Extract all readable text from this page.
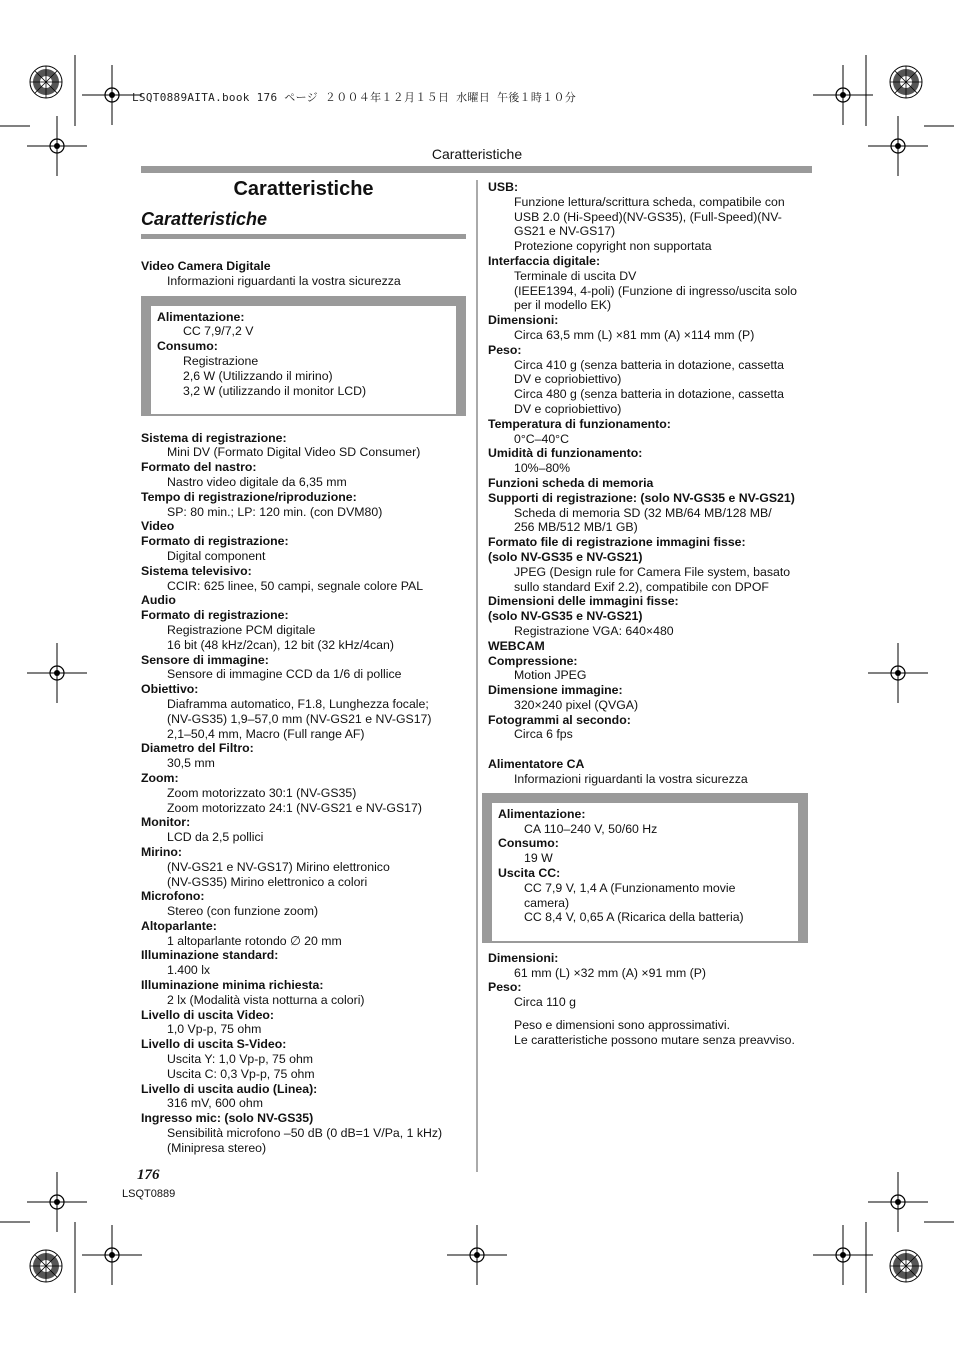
LSQT0889AITA.book 176 ページ ２００４年１２月１５日 水曜日 午後１時１０分
Caratteristiche
Caratteristiche
Caratteristiche
Video Camera Digitale
Informazioni riguardanti la vostra sicurezza
Alimentazione:
CC 7,9/7,2 V
Consumo:
Registrazione
2,6 W (Utilizzando il mirino)
3,2 W (utilizzando il monitor LCD)
Sistema di registrazione:
Mini DV (Formato Digital Video SD Consumer)
Formato del nastro:
Nastro video digitale da 6,35 mm
Tempo di registrazione/riproduzione:
SP: 80 min.; LP: 120 min. (con DVM80)
Video
Formato di registrazione:
Digital component
Sistema televisivo:
CCIR: 625 linee, 50 campi, segnale colore PAL
Audio
Formato di registrazione:
Registrazione PCM digitale
16 bit (48 kHz/2can), 12 bit (32 kHz/4can)
Sensore di immagine:
Sensore di immagine CCD da 1/6 di pollice
Obiettivo:
Diaframma automatico, F1.8, Lunghezza focale;
(NV-GS35) 1,9–57,0 mm (NV-GS21 e NV-GS17)
2,1–50,4 mm, Macro (Full range AF)
Diametro del Filtro:
30,5 mm
Zoom:
Zoom motorizzato 30:1 (NV-GS35)
Zoom motorizzato 24:1 (NV-GS21 e NV-GS17)
Monitor:
LCD da 2,5 pollici
Mirino:
(NV-GS21 e NV-GS17) Mirino elettronico
(NV-GS35) Mirino elettronico a colori
Microfono:
Stereo (con funzione zoom)
Altoparlante:
1 altoparlante rotondo ∅ 20 mm
Illuminazione standard:
1.400 lx
Illuminazione minima richiesta:
2 lx (Modalità vista notturna a colori)
Livello di uscita Video:
1,0 Vp-p, 75 ohm
Livello di uscita S-Video:
Uscita Y: 1,0 Vp-p, 75 ohm
Uscita C: 0,3 Vp-p, 75 ohm
Livello di uscita audio (Linea):
316 mV, 600 ohm
Ingresso mic: (solo NV-GS35)
Sensibilità microfono –50 dB (0 dB=1 V/Pa, 1 kHz)
(Minipresa stereo)
USB:
Funzione lettura/scrittura scheda, compatibile con
USB 2.0 (Hi-Speed)(NV-GS35), (Full-Speed)(NV-
GS21 e NV-GS17)
Protezione copyright non supportata
Interfaccia digitale:
Terminale di uscita DV
(IEEE1394, 4-poli) (Funzione di ingresso/uscita solo
per il modello EK)
Dimensioni:
Circa 63,5 mm (L) ×81 mm (A) ×114 mm (P)
Peso:
Circa 410 g (senza batteria in dotazione, cassetta
DV e copriobiettivo)
Circa 480 g (senza batteria in dotazione, cassetta
DV e copriobiettivo)
Temperatura di funzionamento:
0°C–40°C
Umidità di funzionamento:
10%–80%
Funzioni scheda di memoria
Supporti di registrazione: (solo NV-GS35 e NV-GS21)
Scheda di memoria SD (32 MB/64 MB/128 MB/
256 MB/512 MB/1 GB)
Formato file di registrazione immagini fisse:
(solo NV-GS35 e NV-GS21)
JPEG (Design rule for Camera File system, basato
sullo standard Exif 2.2), compatibile con DPOF
Dimensioni delle immagini fisse:
(solo NV-GS35 e NV-GS21)
Registrazione VGA: 640×480
WEBCAM
Compressione:
Motion JPEG
Dimensione immagine:
320×240 pixel (QVGA)
Fotogrammi al secondo:
Circa 6 fps
Alimentatore CA
Informazioni riguardanti la vostra sicurezza
Alimentazione:
CA 110–240 V, 50/60 Hz
Consumo:
19 W
Uscita CC:
CC 7,9 V, 1,4 A (Funzionamento movie
camera)
CC 8,4 V, 0,65 A (Ricarica della batteria)
Dimensioni:
61 mm (L) ×32 mm (A) ×91 mm (P)
Peso:
Circa 110 g
Peso e dimensioni sono approssimativi.
Le caratteristiche possono mutare senza preavviso.
176
LSQT0889
